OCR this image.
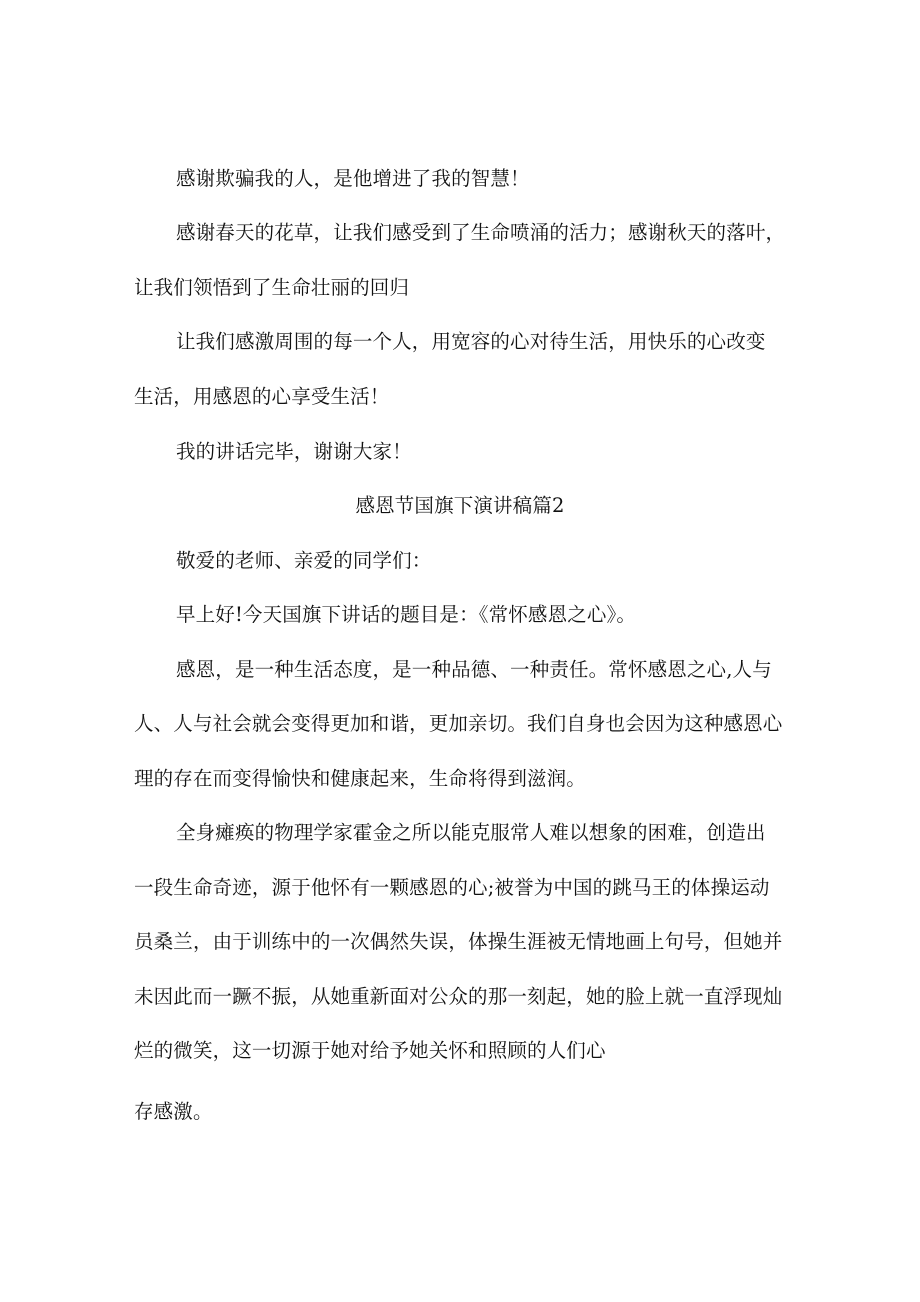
感谢欺骗我的人，是他增进了我的智慧！

感谢春天的花草，让我们感受到了生命喷涌的活力；感谢秋天的落叶，

让我们领悟到了生命壮丽的回归

让我们感激周围的每一个人，用宽容的心对待生活，用快乐的心改变

生活，用感恩的心享受生活！

我的讲话完毕，谢谢大家！

感恩节国旗下演讲稿篇2

敬爱的老师、亲爱的同学们：

早上好!今天国旗下讲话的题目是：《常怀感恩之心》。

感恩，是一种生活态度，是一种品德、一种责任。常怀感恩之心,人与

人、人与社会就会变得更加和谐，更加亲切。我们自身也会因为这种感恩心

理的存在而变得愉快和健康起来，生命将得到滋润。

全身瘫痪的物理学家霍金之所以能克服常人难以想象的困难，创造出

一段生命奇迹，源于他怀有一颗感恩的心;被誉为中国的跳马王的体操运动

员桑兰，由于训练中的一次偶然失误，体操生涯被无情地画上句号，但她并

未因此而一蹶不振，从她重新面对公众的那一刻起，她的脸上就一直浮现灿

烂的微笑，这一切源于她对给予她关怀和照顾的人们心

存感激。
